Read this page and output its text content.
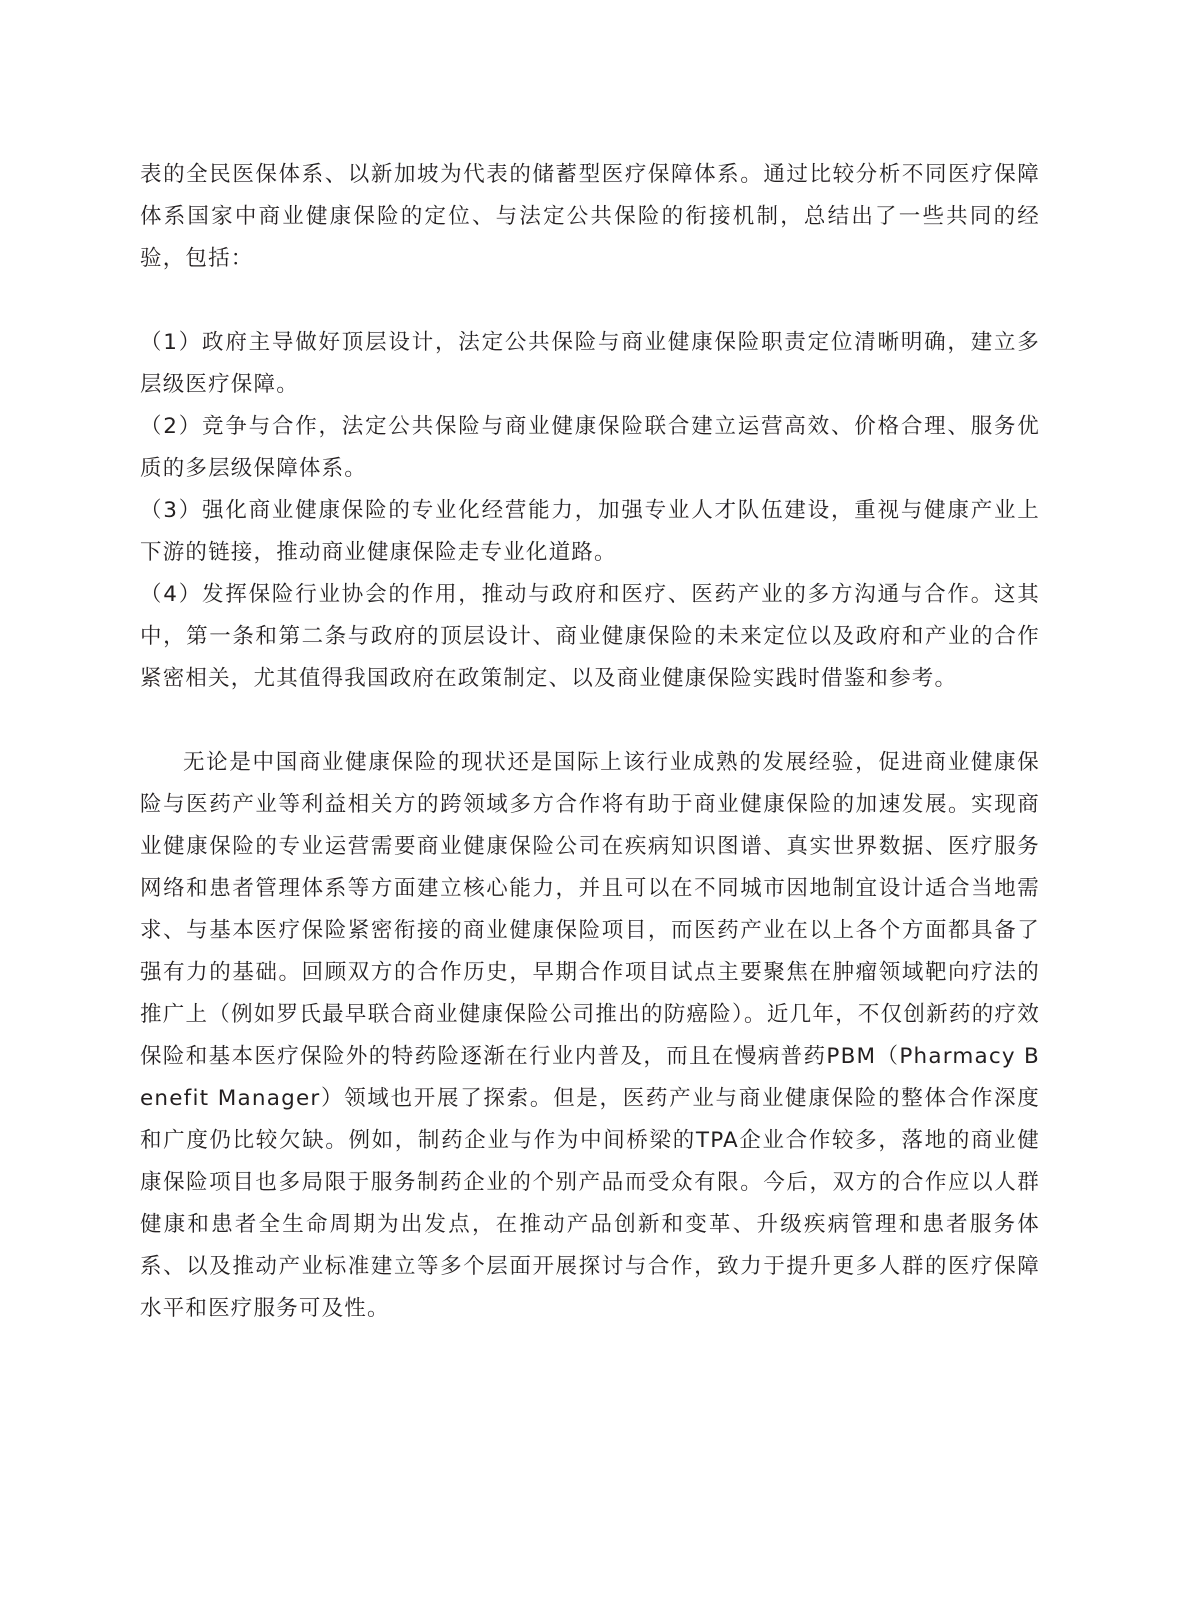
表的全民医保体系、以新加坡为代表的储蓄型医疗保障体系。通过比较分析不同医疗保障体系国家中商业健康保险的定位、与法定公共保险的衔接机制，总结出了一些共同的经验，包括：

（1）政府主导做好顶层设计，法定公共保险与商业健康保险职责定位清晰明确，建立多层级医疗保障。

（2）竞争与合作，法定公共保险与商业健康保险联合建立运营高效、价格合理、服务优质的多层级保障体系。

（3）强化商业健康保险的专业化经营能力，加强专业人才队伍建设，重视与健康产业上下游的链接，推动商业健康保险走专业化道路。

（4）发挥保险行业协会的作用，推动与政府和医疗、医药产业的多方沟通与合作。这其中，第一条和第二条与政府的顶层设计、商业健康保险的未来定位以及政府和产业的合作紧密相关，尤其值得我国政府在政策制定、以及商业健康保险实践时借鉴和参考。

无论是中国商业健康保险的现状还是国际上该行业成熟的发展经验，促进商业健康保险与医药产业等利益相关方的跨领域多方合作将有助于商业健康保险的加速发展。实现商业健康保险的专业运营需要商业健康保险公司在疾病知识图谱、真实世界数据、医疗服务网络和患者管理体系等方面建立核心能力，并且可以在不同城市因地制宜设计适合当地需求、与基本医疗保险紧密衔接的商业健康保险项目，而医药产业在以上各个方面都具备了强有力的基础。回顾双方的合作历史，早期合作项目试点主要聚焦在肿瘤领域靶向疗法的推广上（例如罗氏最早联合商业健康保险公司推出的防癌险）。近几年，不仅创新药的疗效保险和基本医疗保险外的特药险逐渐在行业内普及，而且在慢病普药PBM（Pharmacy Benefit Manager）领域也开展了探索。但是，医药产业与商业健康保险的整体合作深度和广度仍比较欠缺。例如，制药企业与作为中间桥梁的TPA企业合作较多，落地的商业健康保险项目也多局限于服务制药企业的个别产品而受众有限。今后，双方的合作应以人群健康和患者全生命周期为出发点，在推动产品创新和变革、升级疾病管理和患者服务体系、以及推动产业标准建立等多个层面开展探讨与合作，致力于提升更多人群的医疗保障水平和医疗服务可及性。
